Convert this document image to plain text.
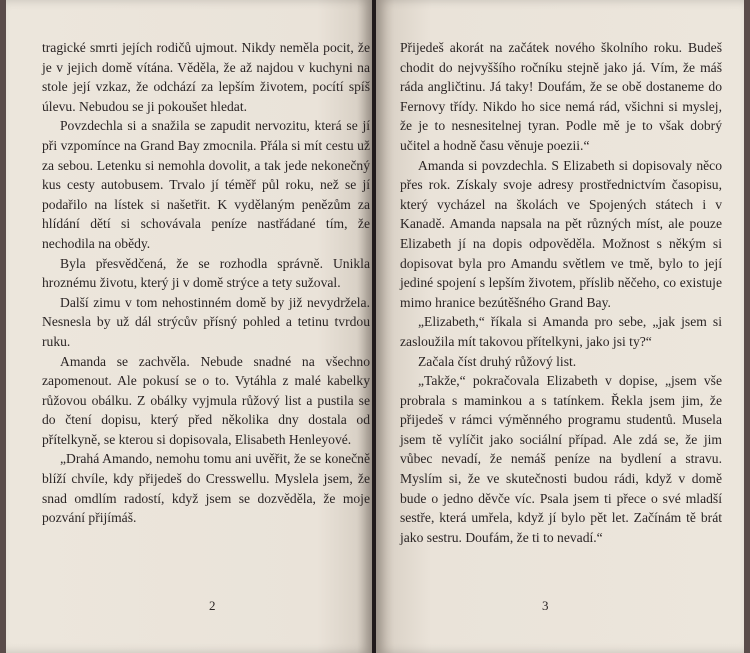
tragické smrti jejích rodičů ujmout. Nikdy neměla pocit, že je v jejich domě vítána. Věděla, že až najdou v kuchyni na stole její vzkaz, že odchází za lepším životem, pocítí spíš úlevu. Nebudou se ji pokoušet hledat.

Povzdechla si a snažila se zapudit nervozitu, která se jí při vzpomínce na Grand Bay zmocnila. Přála si mít cestu už za sebou. Letenku si nemohla dovolit, a tak jede nekonečný kus cesty autobusem. Trvalo jí téměř půl roku, než se jí podařilo na lístek si našetřit. K vydělaným penězům za hlídání dětí si schovávala peníze nastřádané tím, že nechodila na obědy.

Byla přesvědčená, že se rozhodla správně. Unikla hroznému životu, který ji v domě strýce a tety sužoval.

Další zimu v tom nehostinném domě by již nevydržela. Nesnesla by už dál strýcův přísný pohled a tetinu tvrdou ruku.

Amanda se zachvěla. Nebude snadné na všechno zapomenout. Ale pokusí se o to. Vytáhla z malé kabelky růžovou obálku. Z obálky vyjmula růžový list a pustila se do čtení dopisu, který před několika dny dostala od přítelkyně, se kterou si dopisovala, Elisabeth Henleyové.

„Drahá Amando, nemohu tomu ani uvěřit, že se konečně blíží chvíle, kdy přijedeš do Cresswellu. Myslela jsem, že snad omdlím radostí, když jsem se dozvěděla, že moje pozvání přijímáš.

2

Přijedeš akorát na začátek nového školního roku. Budeš chodit do nejvyššího ročníku stejně jako já. Vím, že máš ráda angličtinu. Já taky! Doufám, že se obě dostaneme do Fernovy třídy. Nikdo ho sice nemá rád, všichni si myslej, že je to nesnesitelnej tyran. Podle mě je to však dobrý učitel a hodně času věnuje poezii.“

Amanda si povzdechla. S Elizabeth si dopisovaly něco přes rok. Získaly svoje adresy prostřednictvím časopisu, který vycházel na školách ve Spojených státech i v Kanadě. Amanda napsala na pět různých míst, ale pouze Elizabeth jí na dopis odpověděla. Možnost s někým si dopisovat byla pro Amandu světlem ve tmě, bylo to její jediné spojení s lepším životem, příslib něčeho, co existuje mimo hranice bezútěšného Grand Bay.

„Elizabeth,“ říkala si Amanda pro sebe, „jak jsem si zasloužila mít takovou přítelkyni, jako jsi ty?“

Začala číst druhý růžový list.

„Takže,“ pokračovala Elizabeth v dopise, „jsem vše probrala s maminkou a s tatínkem. Řekla jsem jim, že přijedeš v rámci výměnného programu studentů. Musela jsem tě vylíčit jako sociální případ. Ale zdá se, že jim vůbec nevadí, že nemáš peníze na bydlení a stravu. Myslím si, že ve skutečnosti budou rádi, když v domě bude o jedno děvče víc. Psala jsem ti přece o své mladší sestře, která umřela, když jí bylo pět let. Začínám tě brát jako sestru. Doufám, že ti to nevadí.“

3
